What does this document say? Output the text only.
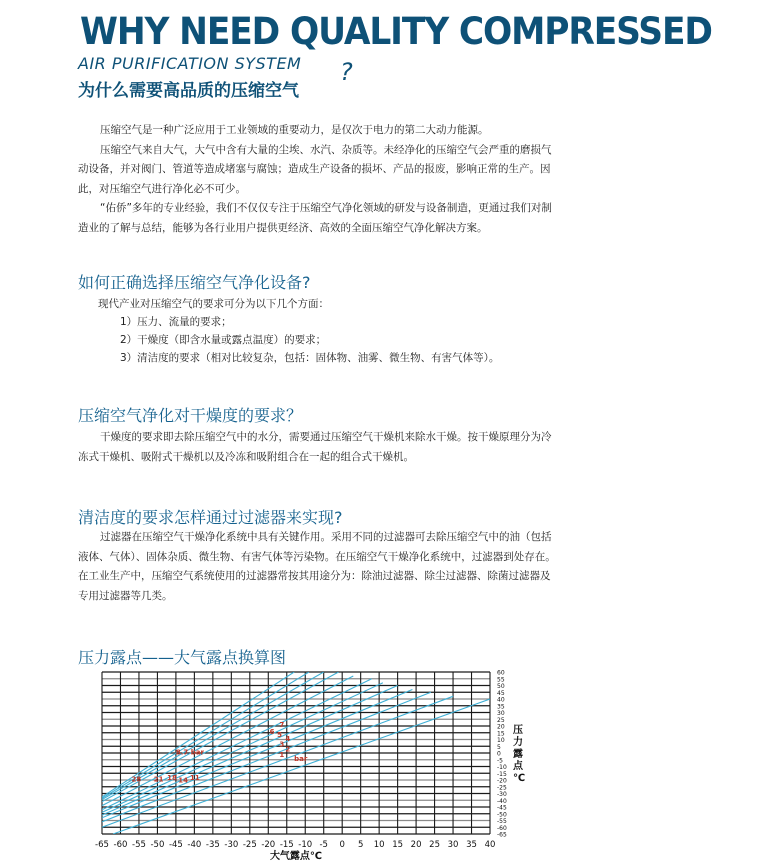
WHY NEED QUALITY COMPRESSED
AIR PURIFICATION SYSTEM
为什么需要高品质的压缩空气
?

压缩空气是一种广泛应用于工业领域的重要动力，是仅次于电力的第二大动力能源。

压缩空气来自大气，大气中含有大量的尘埃、水汽、杂质等。未经净化的压缩空气会严重的磨损气动设备，并对阀门、管道等造成堵塞与腐蚀；造成生产设备的损坏、产品的报废，影响正常的生产。因此，对压缩空气进行净化必不可少。

“佑侨”多年的专业经验，我们不仅仅专注于压缩空气净化领域的研发与设备制造，更通过我们对制造业的了解与总结，能够为各行业用户提供更经济、高效的全面压缩空气净化解决方案。

如何正确选择压缩空气净化设备?
现代产业对压缩空气的要求可分为以下几个方面：
1）压力、流量的要求；
2）干燥度（即含水量或露点温度）的要求；
3）清洁度的要求（相对比较复杂，包括：固体物、油雾、微生物、有害气体等）。
压缩空气净化对干燥度的要求？

干燥度的要求即去除压缩空气中的水分，需要通过压缩空气干燥机来除水干燥。按干燥原理分为冷冻式干燥机、吸附式干燥机以及冷冻和吸附组合在一起的组合式干燥机。

清洁度的要求怎样通过过滤器来实现?

过滤器在压缩空气干燥净化系统中具有关键作用。采用不同的过滤器可去除压缩空气中的油（包括液体、气体）、固体杂质、微生物、有害气体等污染物。在压缩空气干燥净化系统中，过滤器到处存在。在工业生产中，压缩空气系统使用的过滤器常按其用途分为：除油过滤器、除尘过滤器、除菌过滤器及专用过滤器等几类。

压力露点——大气露点换算图
1
2
3
4
5
6
7
bar
28 21 18 14 11
8.7 bar
-65 -60 -55 -50 -45 -40 -35 -30 -25 -20 -15 -10 -5 0 5 10 15 20 25 30 35 40
60
55
50
45
40
35
30
25
20
15
10
5
0
-5
-10
-15
-20
-25
-30
-40
-45
-50
-55
-60
-65
大气露点℃
压力露点℃
